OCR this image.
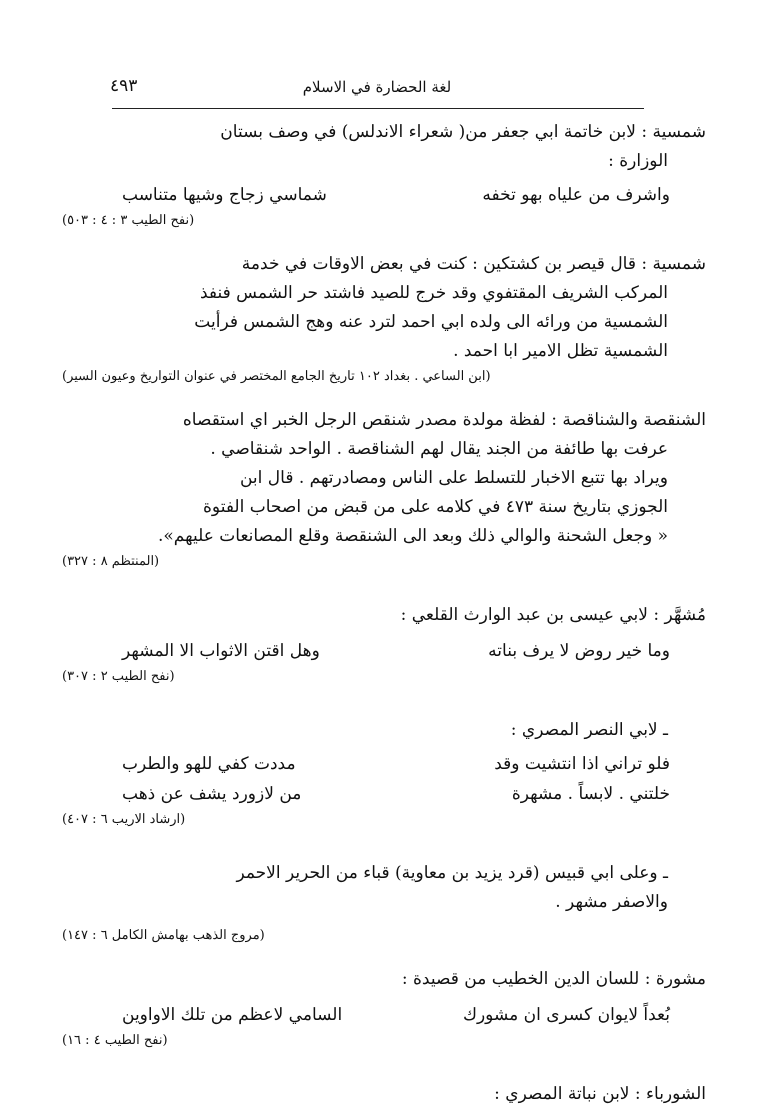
لغة الحضارة في الاسلام
٤٩٣
شمسية : لابن خاتمة ابي جعفر من( شعراء الاندلس) في وصف بستان
الوزارة :
واشرف من علياه بهو تخفه
شماسي زجاج وشيها متناسب
(نفح الطيب ٣ : ٤ : ٥٠٣)
شمسية : قال قيصر بن كشتكين : كنت في بعض الاوقات في خدمة
المركب الشريف المقتفوي وقد خرج للصيد فاشتد حر الشمس فنفذ
الشمسية من ورائه الى ولده ابي احمد لترد عنه وهج الشمس فرأيت
الشمسية تظل الامير ابا احمد .
(ابن الساعي . بغداد ١٠٢ تاريخ الجامع المختصر في عنوان التواريخ وعيون السير)
الشنقصة والشناقصة : لفظة مولدة مصدر شنقص الرجل الخبر اي استقصاه
عرفت بها طائفة من الجند يقال لهم الشناقصة . الواحد شنقاصي .
ويراد بها تتبع الاخبار للتسلط على الناس ومصادرتهم . قال ابن
الجوزي بتاريخ سنة ٤٧٣ في كلامه على من قبض من اصحاب الفتوة
« وجعل الشحنة والوالي ذلك وبعد الى الشنقصة وقلع المصانعات عليهم».
(المنتظم ٨ : ٣٢٧)
مُشهَّر : لابي عيسى بن عبد الوارث القلعي :
وما خير روض لا يرف بناته
وهل اقتن الاثواب الا المشهر
(نفح الطيب ٢ : ٣٠٧)
ـ لابي النصر المصري :
فلو تراني اذا انتشيت وقد
مددت كفي للهو والطرب
خلتني . لابساً . مشهرة
من لازورد يشف عن ذهب
(ارشاد الاريب ٦ : ٤٠٧)
ـ وعلى ابي قبيس (قرد يزيد بن معاوية) قباء من الحرير الاحمر
والاصفر مشهر .
(مروج الذهب بهامش الكامل ٦ : ١٤٧)
مشورة : للسان الدين الخطيب من قصيدة :
بُعداً لايوان كسرى ان مشورك
السامي لاعظم من تلك الاواوين
(نفح الطيب ٤ : ١٦)
الشورباء : لابن نباتة المصري :
